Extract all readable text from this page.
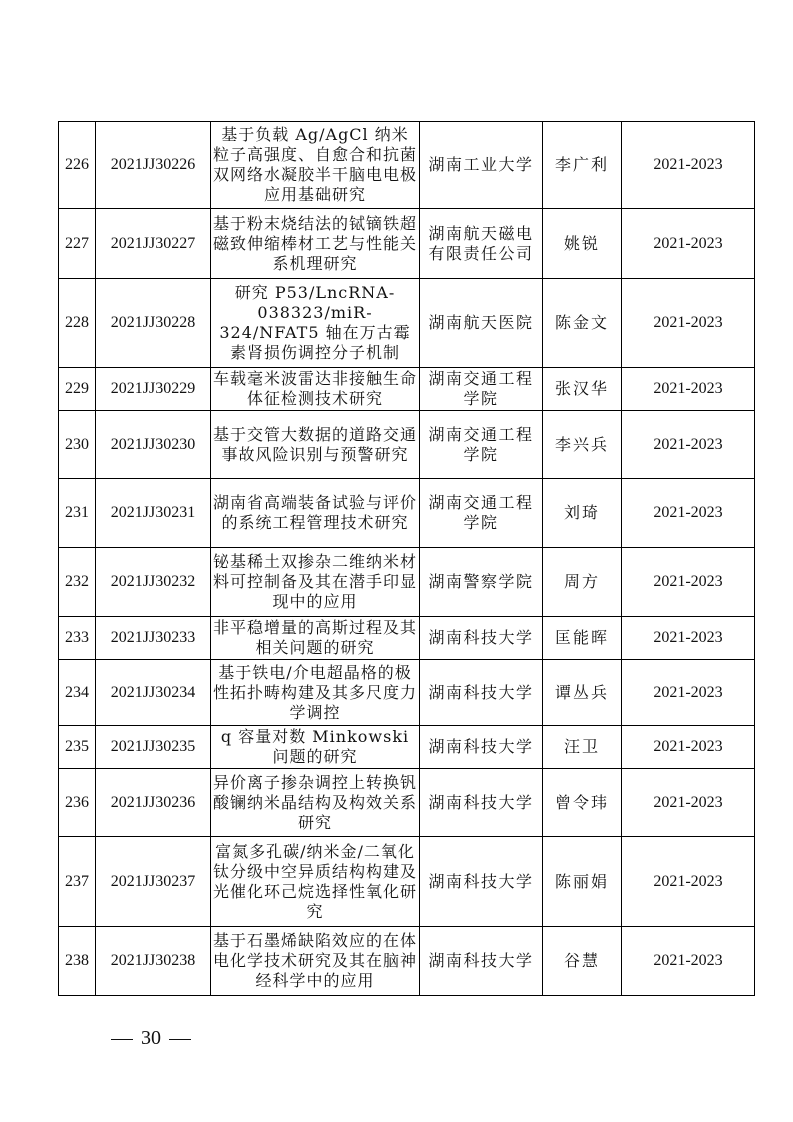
226	2021JJ30226	基于负载 Ag/AgCl 纳米粒子高强度、自愈合和抗菌双网络水凝胶半干脑电电极应用基础研究	湖南工业大学	李广利	2021-2023
227	2021JJ30227	基于粉末烧结法的铽镝铁超磁致伸缩棒材工艺与性能关系机理研究	湖南航天磁电有限责任公司	姚锐	2021-2023
228	2021JJ30228	研究 P53/LncRNA-038323/miR-324/NFAT5 轴在万古霉素肾损伤调控分子机制	湖南航天医院	陈金文	2021-2023
229	2021JJ30229	车载毫米波雷达非接触生命体征检测技术研究	湖南交通工程学院	张汉华	2021-2023
230	2021JJ30230	基于交管大数据的道路交通事故风险识别与预警研究	湖南交通工程学院	李兴兵	2021-2023
231	2021JJ30231	湖南省高端装备试验与评价的系统工程管理技术研究	湖南交通工程学院	刘琦	2021-2023
232	2021JJ30232	铋基稀土双掺杂二维纳米材料可控制备及其在潜手印显现中的应用	湖南警察学院	周方	2021-2023
233	2021JJ30233	非平稳增量的高斯过程及其相关问题的研究	湖南科技大学	匡能晖	2021-2023
234	2021JJ30234	基于铁电/介电超晶格的极性拓扑畴构建及其多尺度力学调控	湖南科技大学	谭丛兵	2021-2023
235	2021JJ30235	q 容量对数 Minkowski 问题的研究	湖南科技大学	汪卫	2021-2023
236	2021JJ30236	异价离子掺杂调控上转换钒酸镧纳米晶结构及构效关系研究	湖南科技大学	曾令玮	2021-2023
237	2021JJ30237	富氮多孔碳/纳米金/二氧化钛分级中空异质结构构建及光催化环己烷选择性氧化研究	湖南科技大学	陈丽娟	2021-2023
238	2021JJ30238	基于石墨烯缺陷效应的在体电化学技术研究及其在脑神经科学中的应用	湖南科技大学	谷慧	2021-2023
30
